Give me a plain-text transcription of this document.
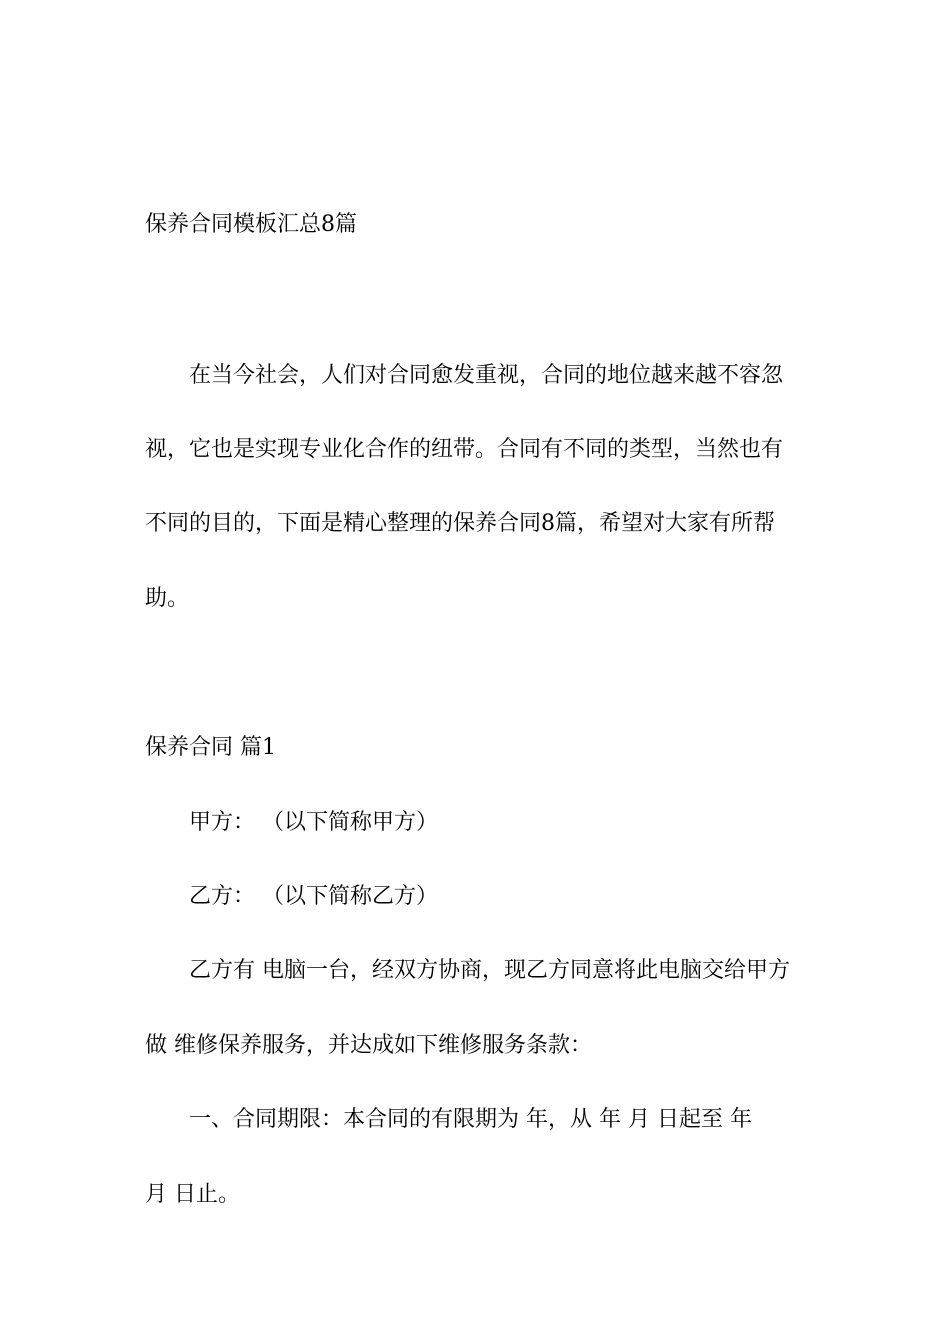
保养合同模板汇总8篇

在当今社会，人们对合同愈发重视，合同的地位越来越不容忽

视，它也是实现专业化合作的纽带。合同有不同的类型，当然也有

不同的目的，下面是精心整理的保养合同8篇，希望对大家有所帮

助。

保养合同 篇1

甲方： （以下简称甲方）

乙方： （以下简称乙方）

乙方有 电脑一台，经双方协商，现乙方同意将此电脑交给甲方

做 维修保养服务，并达成如下维修服务条款：

一、合同期限：本合同的有限期为 年，从 年 月 日起至 年

月 日止。
